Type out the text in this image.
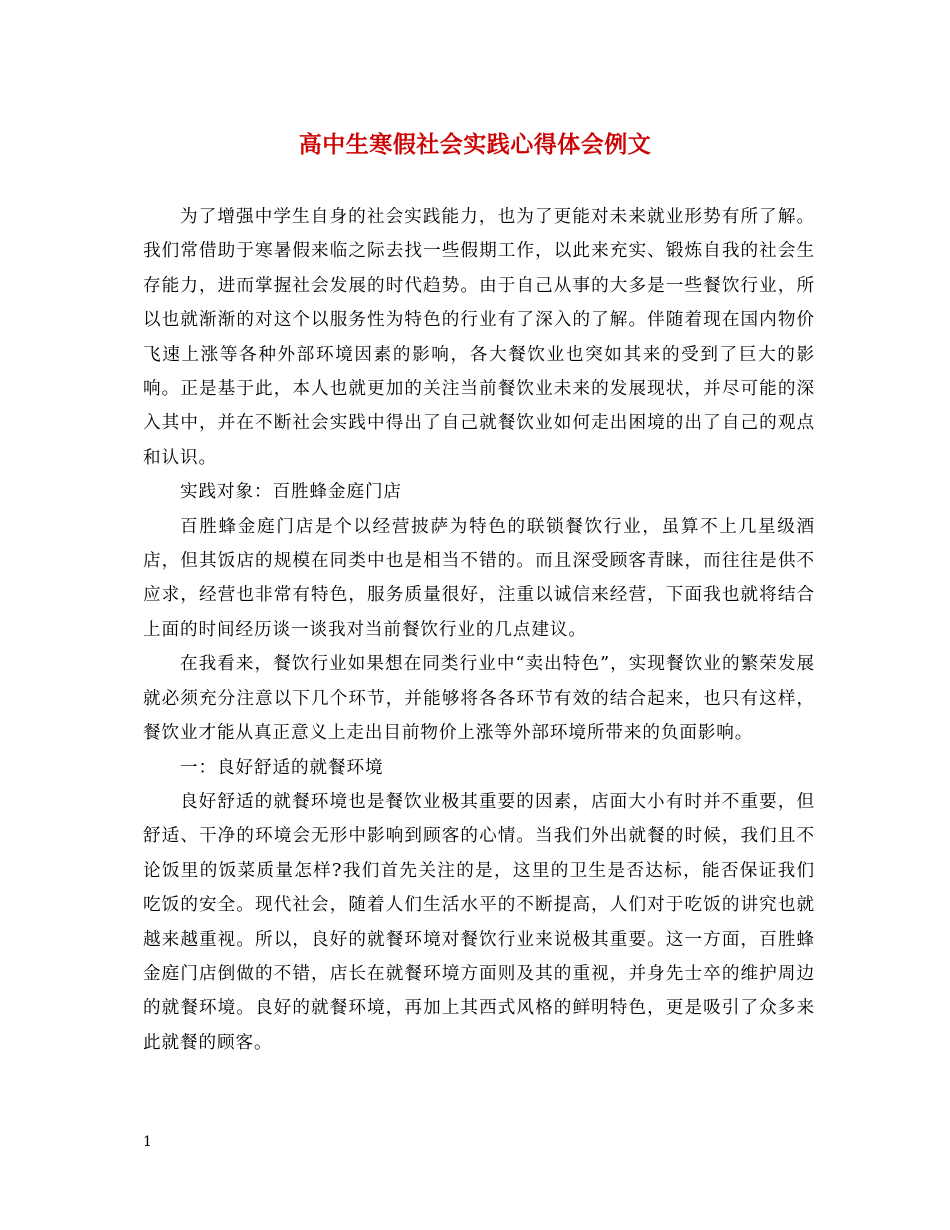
高中生寒假社会实践心得体会例文

为了增强中学生自身的社会实践能力，也为了更能对未来就业形势有所了解。我们常借助于寒暑假来临之际去找一些假期工作，以此来充实、锻炼自我的社会生存能力，进而掌握社会发展的时代趋势。由于自己从事的大多是一些餐饮行业，所以也就渐渐的对这个以服务性为特色的行业有了深入的了解。伴随着现在国内物价飞速上涨等各种外部环境因素的影响，各大餐饮业也突如其来的受到了巨大的影响。正是基于此，本人也就更加的关注当前餐饮业未来的发展现状，并尽可能的深入其中，并在不断社会实践中得出了自己就餐饮业如何走出困境的出了自己的观点和认识。

实践对象：百胜蜂金庭门店

百胜蜂金庭门店是个以经营披萨为特色的联锁餐饮行业，虽算不上几星级酒店，但其饭店的规模在同类中也是相当不错的。而且深受顾客青睐，而往往是供不应求，经营也非常有特色，服务质量很好，注重以诚信来经营，下面我也就将结合上面的时间经历谈一谈我对当前餐饮行业的几点建议。

在我看来，餐饮行业如果想在同类行业中“卖出特色”，实现餐饮业的繁荣发展就必须充分注意以下几个环节，并能够将各各环节有效的结合起来，也只有这样，餐饮业才能从真正意义上走出目前物价上涨等外部环境所带来的负面影响。

一：良好舒适的就餐环境

良好舒适的就餐环境也是餐饮业极其重要的因素，店面大小有时并不重要，但舒适、干净的环境会无形中影响到顾客的心情。当我们外出就餐的时候，我们且不论饭里的饭菜质量怎样?我们首先关注的是，这里的卫生是否达标，能否保证我们吃饭的安全。现代社会，随着人们生活水平的不断提高，人们对于吃饭的讲究也就越来越重视。所以，良好的就餐环境对餐饮行业来说极其重要。这一方面，百胜蜂金庭门店倒做的不错，店长在就餐环境方面则及其的重视，并身先士卒的维护周边的就餐环境。良好的就餐环境，再加上其西式风格的鲜明特色，更是吸引了众多来此就餐的顾客。

1
